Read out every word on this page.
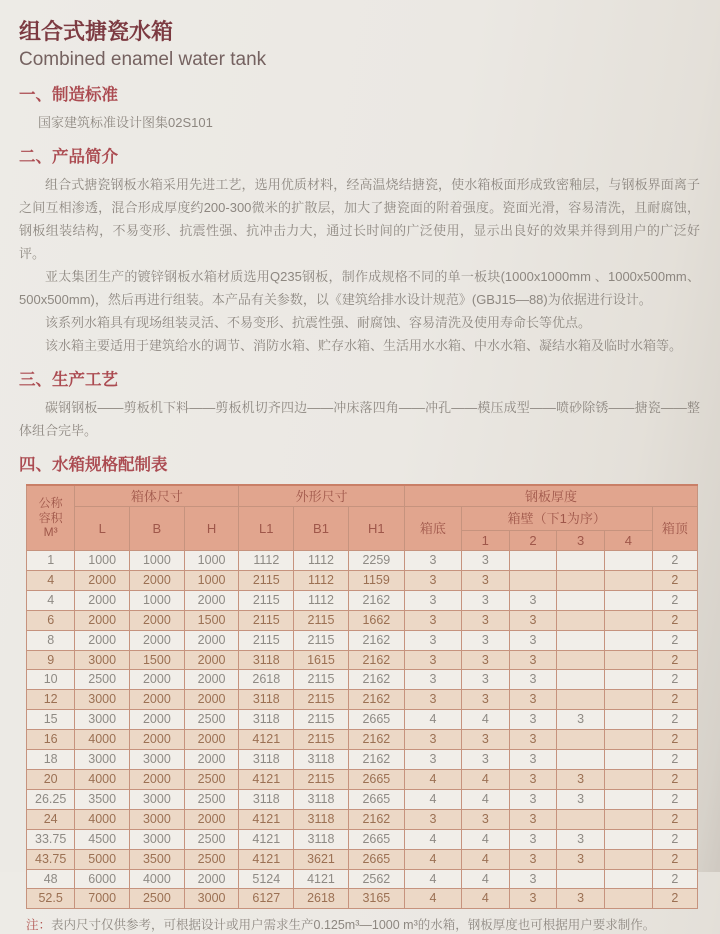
组合式搪瓷水箱
Combined enamel water tank
一、制造标准

国家建筑标准设计图集02S101

二、产品简介

组合式搪瓷钢板水箱采用先进工艺，选用优质材料，经高温烧结搪瓷，使水箱板面形成致密釉层，与钢板界面离子之间互相渗透，混合形成厚度约200-300微米的扩散层，加大了搪瓷面的附着强度。瓷面光滑，容易清洗，且耐腐蚀，钢板组装结构，不易变形、抗震性强、抗冲击力大，通过长时间的广泛使用，显示出良好的效果并得到用户的广泛好评。

亚太集团生产的镀锌钢板水箱材质选用Q235钢板，制作成规格不同的单一板块(1000x1000mm 、1000x500mm、500x500mm)，然后再进行组装。本产品有关参数，以《建筑给排水设计规范》(GBJ15—88)为依据进行设计。

该系列水箱具有现场组装灵活、不易变形、抗震性强、耐腐蚀、容易清洗及使用寿命长等优点。

该水箱主要适用于建筑给水的调节、消防水箱、贮存水箱、生活用水水箱、中水水箱、凝结水箱及临时水箱等。

三、生产工艺

碳钢钢板——剪板机下料——剪板机切齐四边——冲床落四角——冲孔——模压成型——喷砂除锈——搪瓷——整体组合完毕。

四、水箱规格配制表
公称
容积
M³	箱体尺寸			外形尺寸			钢板厚度					
	L	B	H	L1	B1	H1	箱底	箱壁（下1为序）				箱顶
								1	2	3	4	
1	1000	1000	1000	1112	1112	2259	3	3				2
4	2000	2000	1000	2115	1112	1159	3	3				2
4	2000	1000	2000	2115	1112	2162	3	3	3			2
6	2000	2000	1500	2115	2115	1662	3	3	3			2
8	2000	2000	2000	2115	2115	2162	3	3	3			2
9	3000	1500	2000	3118	1615	2162	3	3	3			2
10	2500	2000	2000	2618	2115	2162	3	3	3			2
12	3000	2000	2000	3118	2115	2162	3	3	3			2
15	3000	2000	2500	3118	2115	2665	4	4	3	3		2
16	4000	2000	2000	4121	2115	2162	3	3	3			2
18	3000	3000	2000	3118	3118	2162	3	3	3			2
20	4000	2000	2500	4121	2115	2665	4	4	3	3		2
26.25	3500	3000	2500	3118	3118	2665	4	4	3	3		2
24	4000	3000	2000	4121	3118	2162	3	3	3			2
33.75	4500	3000	2500	4121	3118	2665	4	4	3	3		2
43.75	5000	3500	2500	4121	3621	2665	4	4	3	3		2
48	6000	4000	2000	5124	4121	2562	4	4	3			2
52.5	7000	2500	3000	6127	2618	3165	4	4	3	3		2

注：表内尺寸仅供参考，可根据设计或用户需求生产0.125m³—1000 m³的水箱，钢板厚度也可根据用户要求制作。
